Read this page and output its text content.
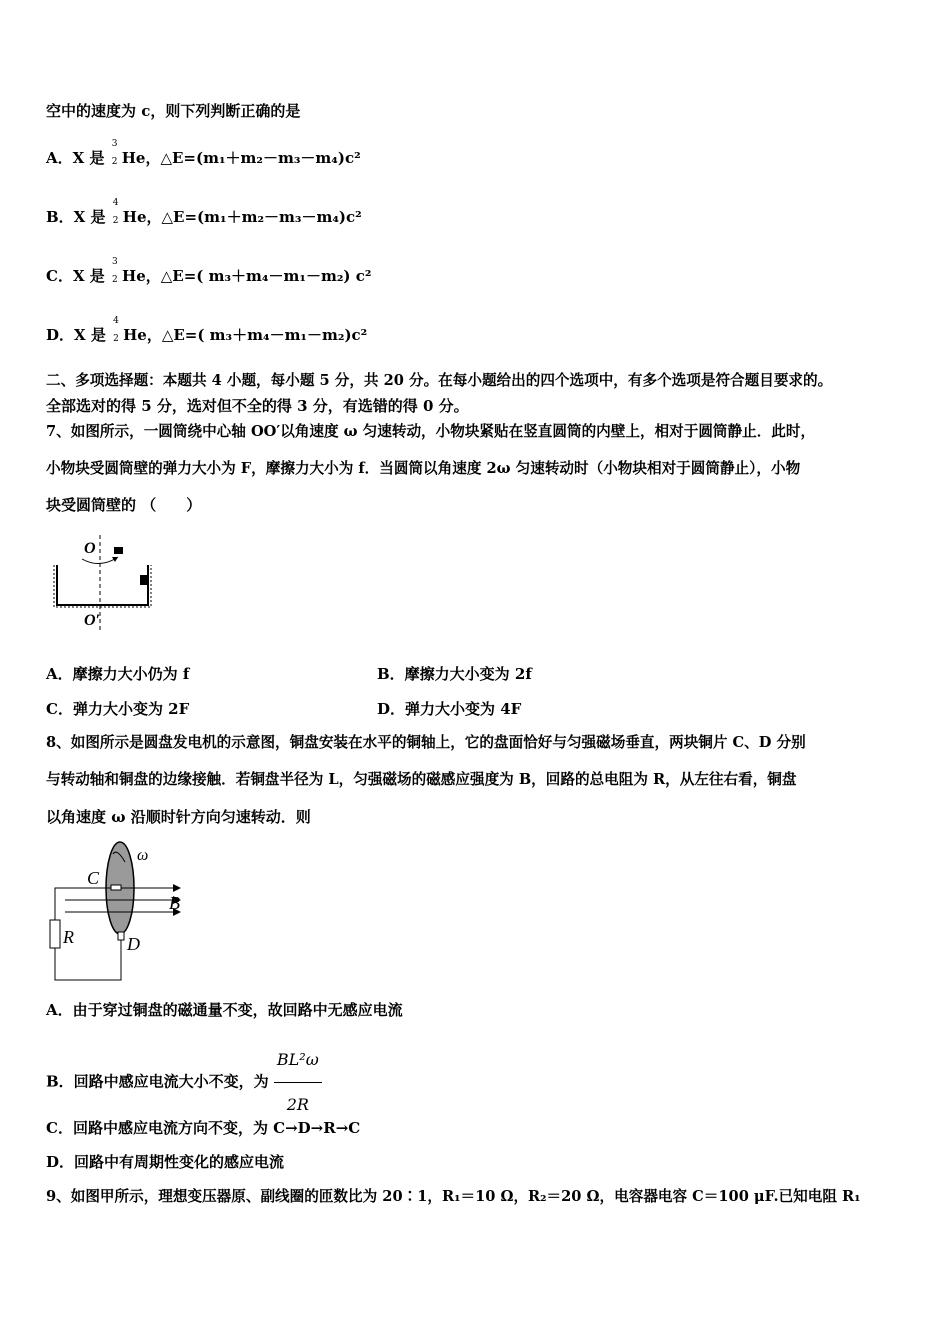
空中的速度为 c，则下列判断正确的是
A．X 是
3
2 He，△E=(m₁＋m₂－m₃－m₄)c²
B．X 是
4
2 He，△E=(m₁＋m₂－m₃－m₄)c²
C．X 是
3
2 He，△E=( m₃＋m₄－m₁－m₂) c²
D．X 是
4
2 He，△E=( m₃＋m₄－m₁－m₂)c²
二、多项选择题：本题共 4 小题，每小题 5 分，共 20 分。在每小题给出的四个选项中，有多个选项是符合题目要求的。
全部选对的得 5 分，选对但不全的得 3 分，有选错的得 0 分。
7、如图所示，一圆筒绕中心轴 OO′以角速度 ω 匀速转动，小物块紧贴在竖直圆筒的内壁上，相对于圆筒静止．此时，
小物块受圆筒壁的弹力大小为 F，摩擦力大小为 f．当圆筒以角速度 2ω 匀速转动时（小物块相对于圆筒静止），小物
块受圆筒壁的 （　　）
O
O′
A．摩擦力大小仍为 f	B．摩擦力大小变为 2f
C．弹力大小变为 2F	D．弹力大小变为 4F
8、如图所示是圆盘发电机的示意图，铜盘安装在水平的铜轴上，它的盘面恰好与匀强磁场垂直，两块铜片 C、D 分别
与转动轴和铜盘的边缘接触．若铜盘半径为 L，匀强磁场的磁感应强度为 B，回路的总电阻为 R，从左往右看，铜盘
以角速度 ω 沿顺时针方向匀速转动．则
ω
B
C
D
R
A．由于穿过铜盘的磁通量不变，故回路中无感应电流
B．回路中感应电流大小不变，为 $\frac{\text{BL²ω}}{2R}$
C．回路中感应电流方向不变，为 C→D→R→C
D．回路中有周期性变化的感应电流
9、如图甲所示，理想变压器原、副线圈的匝数比为 20∶1，R₁＝10 Ω，R₂＝20 Ω，电容器电容 C＝100 μF.已知电阻 R₁
